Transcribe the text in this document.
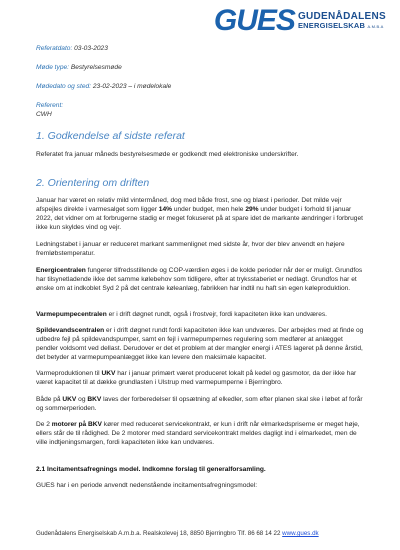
GUES GUDENÅDALENS
ENERGISELSKAB A.M.B.A
Referatdato: 03-03-2023
Møde type: Bestyrelsesmøde
Mødedato og sted: 23-02-2023 – i mødelokale
Referent:
CWH
1. Godkendelse af sidste referat

Referatet fra januar måneds bestyrelsesmøde er godkendt med elektroniske underskrifter.

2. Orientering om driften

Januar har været en relativ mild vintermåned, dog med både frost, sne og blæst i perioder. Det milde vejr afspejles direkte i varmesalget som ligger 14% under budget, men hele 29% under budget i forhold til januar 2022, det vidner om at forbrugerne stadig er meget fokuseret på at spare idet de markante ændringer i forbruget ikke kun skyldes vind og vejr.

Ledningstabet i januar er reduceret markant sammenlignet med sidste år, hvor der blev anvendt en højere fremløbstemperatur.

Energicentralen fungerer tilfredsstillende og COP-værdien øges i de kolde perioder når der er muligt. Grundfos har tilsynetladende ikke det samme kølebehov som tidligere, efter at tryksstaberiet er nedlagt. Grundfos har et ønske om at indkoblet Syd 2 på det centrale køleanlæg, fabrikken har indtil nu haft sin egen køleproduktion.

Varmepumpecentralen er i drift døgnet rundt, også i frostvejr, fordi kapaciteten ikke kan undværes.

Spildevandscentralen er i drift døgnet rundt fordi kapaciteten ikke kan undværes. Der arbejdes med at finde og udbedre fejl på spildevandspumper, samt en fejl i varmepumpernes regulering som medfører at anlægget pendler voldsomt ved dellast. Derudover er det et problem at der mangler energi i ATES lageret på denne årstid, det betyder at varmepumpeanlægget ikke kan levere den maksimale kapacitet.

Varmeproduktionen til UKV har i januar primært været produceret lokalt på kedel og gasmotor, da der ikke har været kapacitet til at dække grundlasten i Ulstrup med varmepumperne i Bjerringbro.

Både på UKV og BKV laves der forberedelser til opsætning af elkedler, som efter planen skal ske i løbet af forår og sommerperioden.

De 2 motorer på BKV kører med reduceret servicekontrakt, er kun i drift når elmarkedspriserne er meget høje, ellers står de til rådighed. De 2 motorer med standard servicekontrakt meldes dagligt ind i elmarkedet, men de ville indtjeningsmargen, fordi kapaciteten ikke kan undværes.

2.1 Incitamentsafregnings model. Indkomne forslag til generalforsamling.

GUES har i en periode anvendt nedenstående incitamentsafregningsmodel:

Gudenådalens Energiselskab A.m.b.a. Realskolevej 18, 8850 Bjerringbro Tlf. 86 68 14 22 www.gues.dk
